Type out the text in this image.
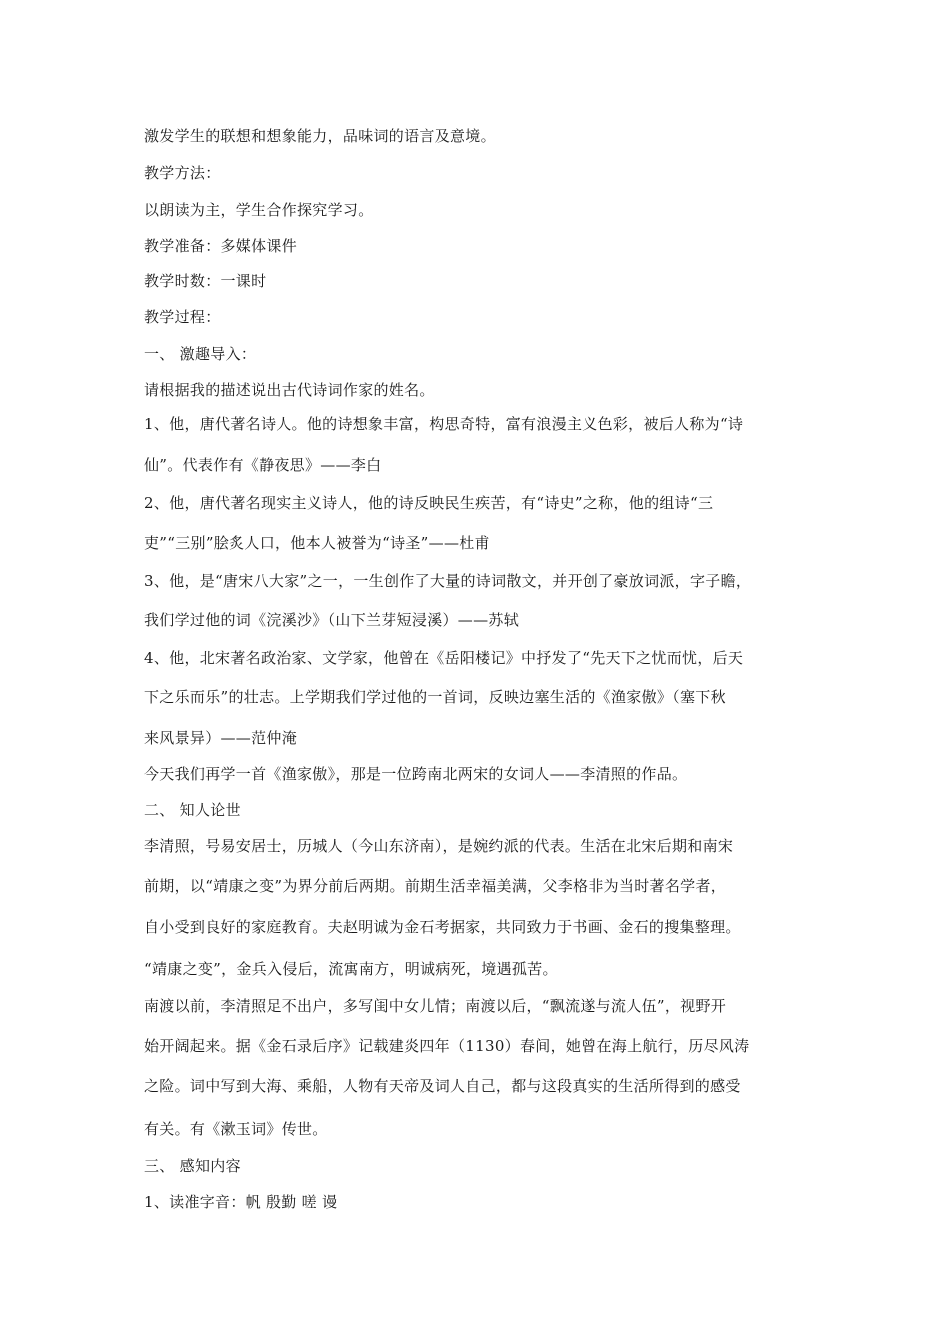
激发学生的联想和想象能力，品味词的语言及意境。
教学方法：
以朗读为主，学生合作探究学习。
教学准备：多媒体课件
教学时数：一课时
教学过程：
一、 激趣导入：
请根据我的描述说出古代诗词作家的姓名。
1、他，唐代著名诗人。他的诗想象丰富，构思奇特，富有浪漫主义色彩，被后人称为“诗
仙”。代表作有《静夜思》——李白
2、他，唐代著名现实主义诗人，他的诗反映民生疾苦，有“诗史”之称，他的组诗“三
吏”“三别”脍炙人口，他本人被誉为“诗圣”——杜甫
3、他，是“唐宋八大家”之一，一生创作了大量的诗词散文，并开创了豪放词派，字子瞻，
我们学过他的词《浣溪沙》（山下兰芽短浸溪）——苏轼
4、他，北宋著名政治家、文学家，他曾在《岳阳楼记》中抒发了“先天下之忧而忧，后天
下之乐而乐”的壮志。上学期我们学过他的一首词，反映边塞生活的《渔家傲》（塞下秋
来风景异）——范仲淹
今天我们再学一首《渔家傲》，那是一位跨南北两宋的女词人——李清照的作品。
二、 知人论世
李清照，号易安居士，历城人（今山东济南），是婉约派的代表。生活在北宋后期和南宋
前期，以“靖康之变”为界分前后两期。前期生活幸福美满，父李格非为当时著名学者，
自小受到良好的家庭教育。夫赵明诚为金石考据家，共同致力于书画、金石的搜集整理。
“靖康之变”，金兵入侵后，流寓南方，明诚病死，境遇孤苦。
南渡以前，李清照足不出户，多写闺中女儿情；南渡以后，“飘流遂与流人伍”，视野开
始开阔起来。据《金石录后序》记载建炎四年（1130）春间，她曾在海上航行，历尽风涛
之险。词中写到大海、乘船，人物有天帝及词人自己，都与这段真实的生活所得到的感受
有关。有《漱玉词》传世。
三、 感知内容
1、读准字音：帆 殷勤 嗟 谩
